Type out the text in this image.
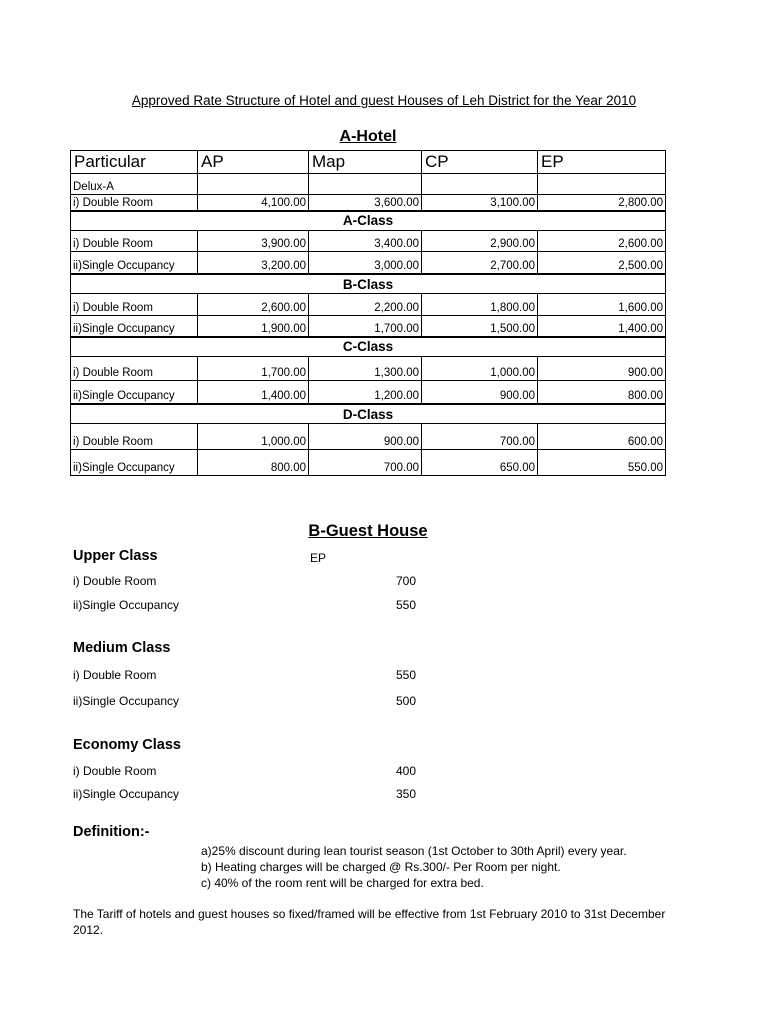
Approved Rate Structure of Hotel and guest Houses of Leh District for the Year 2010
A-Hotel
Particular	AP	Map	CP	EP
Delux-A				
i) Double Room	4,100.00	3,600.00	3,100.00	2,800.00
A-Class				
i) Double Room	3,900.00	3,400.00	2,900.00	2,600.00
ii)Single Occupancy	3,200.00	3,000.00	2,700.00	2,500.00
B-Class				
i) Double Room	2,600.00	2,200.00	1,800.00	1,600.00
ii)Single Occupancy	1,900.00	1,700.00	1,500.00	1,400.00
C-Class				
i) Double Room	1,700.00	1,300.00	1,000.00	900.00
ii)Single Occupancy	1,400.00	1,200.00	900.00	800.00
D-Class				
i) Double Room	1,000.00	900.00	700.00	600.00
ii)Single Occupancy	800.00	700.00	650.00	550.00
B-Guest House
EP
Upper Class
i) Double Room	700
ii)Single Occupancy	550
Medium Class
i) Double Room	550
ii)Single Occupancy	500
Economy Class
i) Double Room	400
ii)Single Occupancy	350
Definition:-
a)25% discount during lean tourist season (1st October to 30th April) every year.
b) Heating charges will be charged @ Rs.300/- Per Room per night.
c) 40% of the room rent will be charged for extra bed.
The Tariff of hotels and guest houses so fixed/framed will be effective from 1st February 2010 to 31st December 2012.
